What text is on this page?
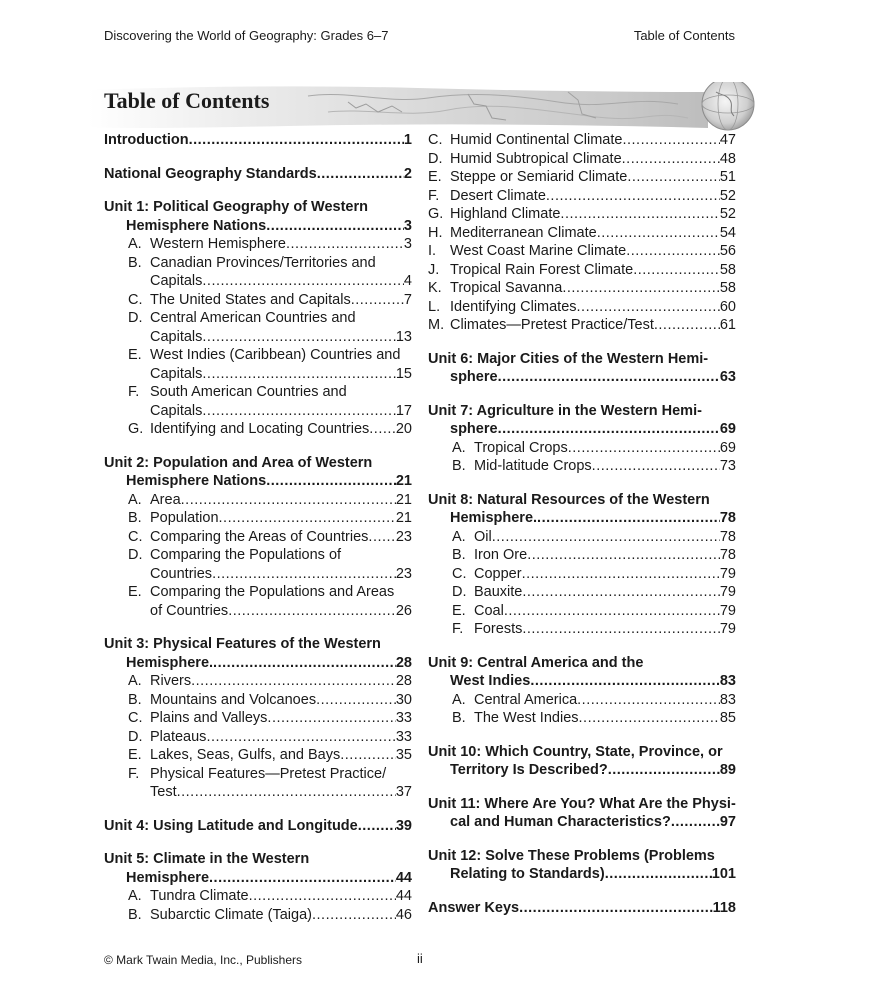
Discovering the World of Geography: Grades 6–7	Table of Contents
Table of Contents
Introduction .....	1
National Geography Standards .....	2
Unit 1: Political Geography of Western
Hemisphere Nations .....	3
A. Western Hemisphere .....	3
B. Canadian Provinces/Territories and
Capitals .....	4
C. The United States and Capitals .....	7
D. Central American Countries and
Capitals .....	13
E. West Indies (Caribbean) Countries and
Capitals .....	15
F. South American Countries and
Capitals .....	17
G. Identifying and Locating Countries ..... 20
Unit 2: Population and Area of Western
Hemisphere Nations .....	21
A. Area .....	21
B. Population .....	21
C. Comparing the Areas of Countries ..... 23
D. Comparing the Populations of
Countries .....	23
E. Comparing the Populations and Areas
of Countries .....	26
Unit 3: Physical Features of the Western
Hemisphere. .....	28
A. Rivers .....	28
B. Mountains and Volcanoes .....	30
C. Plains and Valleys .....	33
D. Plateaus .....	33
E. Lakes, Seas, Gulfs, and Bays .....	35
F. Physical Features—Pretest Practice/
Test .....	37
Unit 4: Using Latitude and Longitude .....	39
Unit 5: Climate in the Western
Hemisphere .....	44
A. Tundra Climate .....	44
B. Subarctic Climate (Taiga) .....	46
C. Humid Continental Climate .....	47
D. Humid Subtropical Climate .....	48
E. Steppe or Semiarid Climate .....	51
F. Desert Climate .....	52
G. Highland Climate .....	52
H. Mediterranean Climate .....	54
I. West Coast Marine Climate .....	56
J. Tropical Rain Forest Climate .....	58
K. Tropical Savanna .....	58
L. Identifying Climates .....	60
M. Climates—Pretest Practice/Test .....	61
Unit 6: Major Cities of the Western Hemi-
sphere .....	63
Unit 7: Agriculture in the Western Hemi-
sphere .....	69
A. Tropical Crops .....	69
B. Mid-latitude Crops .....	73
Unit 8: Natural Resources of the Western
Hemisphere. .....	78
A. Oil .....	78
B. Iron Ore .....	78
C. Copper .....	79
D. Bauxite .....	79
E. Coal .....	79
F. Forests .....	79
Unit 9: Central America and the
West Indies .....	83
A. Central America .....	83
B. The West Indies .....	85
Unit 10: Which Country, State, Province, or
Territory Is Described? .....	89
Unit 11: Where Are You? What Are the Physi-
cal and Human Characteristics? .....	97
Unit 12: Solve These Problems (Problems
Relating to Standards) .....	101
Answer Keys .....	118
© Mark Twain Media, Inc., Publishers	ii
